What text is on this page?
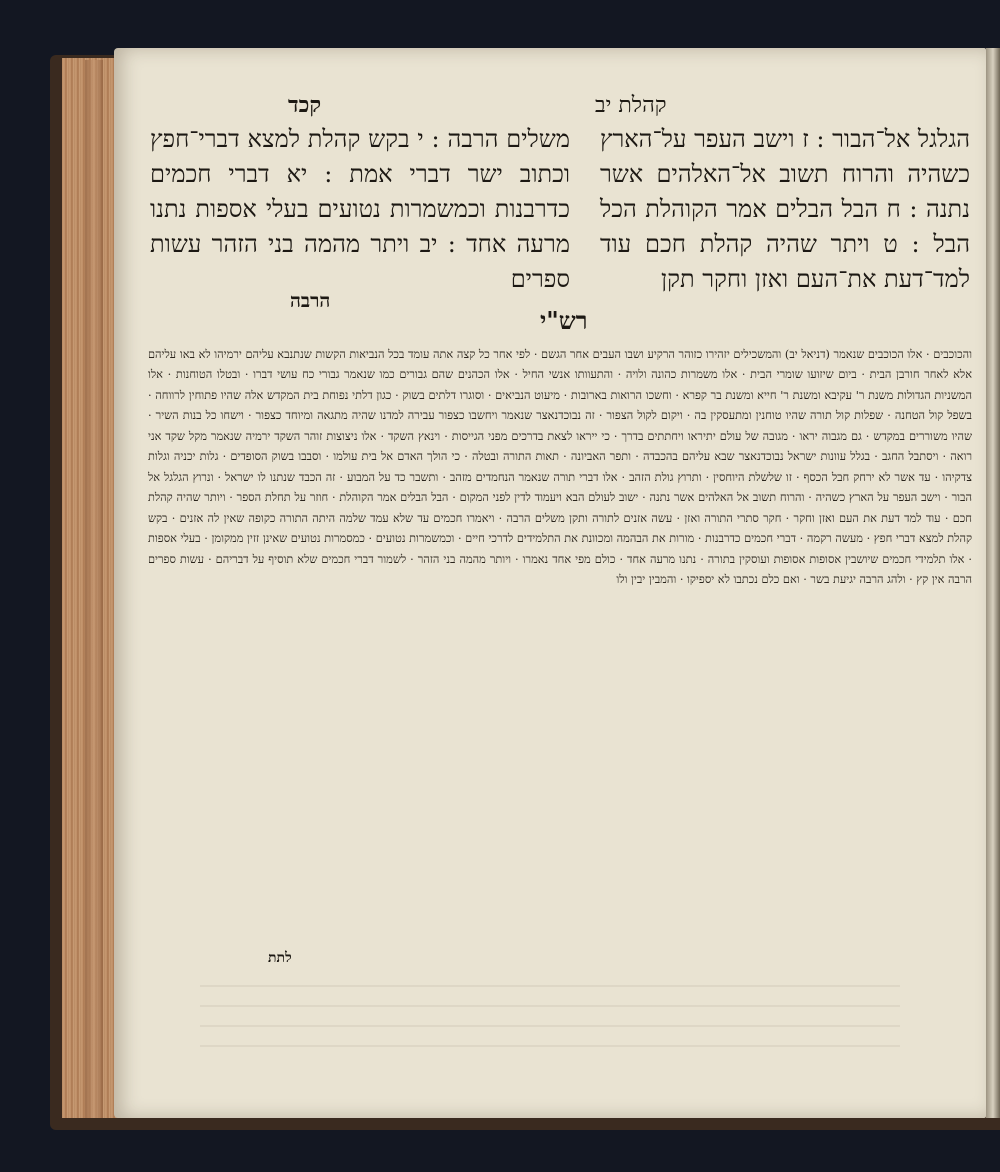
קכד	קהלת יב
הגלגל אל־הבור : ז וישב העפר על־הארץ כשהיה והרוח תשוב אל־האלהים אשר נתנה : ח הבל הבלים אמר הקוהלת הכל הבל : ט ויתר שהיה קהלת חכם עוד למד־דעת את־העם ואזן וחקר תקן
משלים הרבה : י בקש קהלת למצא דברי־חפץ וכתוב ישר דברי אמת : יא דברי חכמים כדרבנות וכמשמרות נטועים בעלי אספות נתנו מרעה אחד : יב ויתר מהמה בני הזהר עשות ספרים
הרבה
רש"י
והכוכבים · אלו הכוכבים שנאמר (דניאל יב) והמשכילים יזהירו כזוהר הרקיע ושבו העבים אחר הגשם · לפי אחר כל קצה אתה עומד בכל הנביאות הקשות שנתנבא עליהם ירמיהו לא באו עליהם אלא לאחר חורבן הבית · ביום שיזועו שומרי הבית · אלו משמרות כהונה ולויה · והתעוותו אנשי החיל · אלו הכהנים שהם גבורים כמו שנאמר גבורי כח עושי דברו · ובטלו הטוחנות · אלו המשניות הגדולות משנת ר' עקיבא ומשנת ר' חייא ומשנת בר קפרא · וחשכו הרואות בארובות · מיעוט הנביאים · וסוגרו דלתים בשוק · כגון דלתי נפוחת בית המקדש אלה שהיו פתוחין לרווחה · בשפל קול הטחנה · שפלות קול תורה שהיו טוחנין ומתעסקין בה · ויקום לקול הצפור · זה נבוכדנאצר שנאמר ויחשבו כצפור עבירה למדנו שהיה מתגאה ומיוחד כצפור · וישחו כל בנות השיר · שהיו משוררים במקדש · גם מגבוה יראו · מגובה של עולם יתיראו ויחתתים בדרך · כי ייראו לצאת בדרכים מפני הגייסות · וינאץ השקד · אלו ניצוצות זוהר השקד ירמיה שנאמר מקל שקד אני רואה · ויסתבל החגב · בגלל עוונות ישראל נבוכדנאצר שבא עליהם בהכבדה · ותפר האביונה · תאות התורה ובטלה · כי הולך האדם אל בית עולמו · וסבבו בשוק הסופדים · גלות יכניה וגלות צדקיהו · עד אשר לא ירחק חבל הכסף · זו שלשלת היוחסין · ותרוץ גולת הזהב · אלו דברי תורה שנאמר הנחמדים מזהב · ותשבר כד על המבוע · זה הכבד שנתנו לו ישראל · ונרוץ הגלגל אל הבור · וישב העפר על הארץ כשהיה · והרוח תשוב אל האלהים אשר נתנה · ישוב לעולם הבא ויעמוד לדין לפני המקום · הבל הבלים אמר הקוהלת · חוזר על תחלת הספר · ויותר שהיה קהלת חכם · עוד למד דעת את העם ואזן וחקר · חקר סתרי התורה ואזן · עשה אזנים לתורה ותקן משלים הרבה · ויאמרו חכמים עד שלא עמד שלמה היתה התורה כקופה שאין לה אזנים · בקש קהלת למצא דברי חפץ · מעשה רקמה · דברי חכמים כדרבנות · מורות את הבהמה ומכוונת את התלמידים לדרכי חיים · וכמשמרות נטועים · כמסמרות נטועים שאינן זזין ממקומן · בעלי אספות · אלו תלמידי חכמים שיושבין אסופות אסופות ועוסקין בתורה · נתנו מרעה אחד · כולם מפי אחד נאמרו · ויותר מהמה בני הזהר · לשמור דברי חכמים שלא תוסיף על דבריהם · עשות ספרים הרבה אין קץ · ולהג הרבה יגיעת בשר · ואם כלם נכתבו לא יספיקו · והמבין יבין ולו
לתת
